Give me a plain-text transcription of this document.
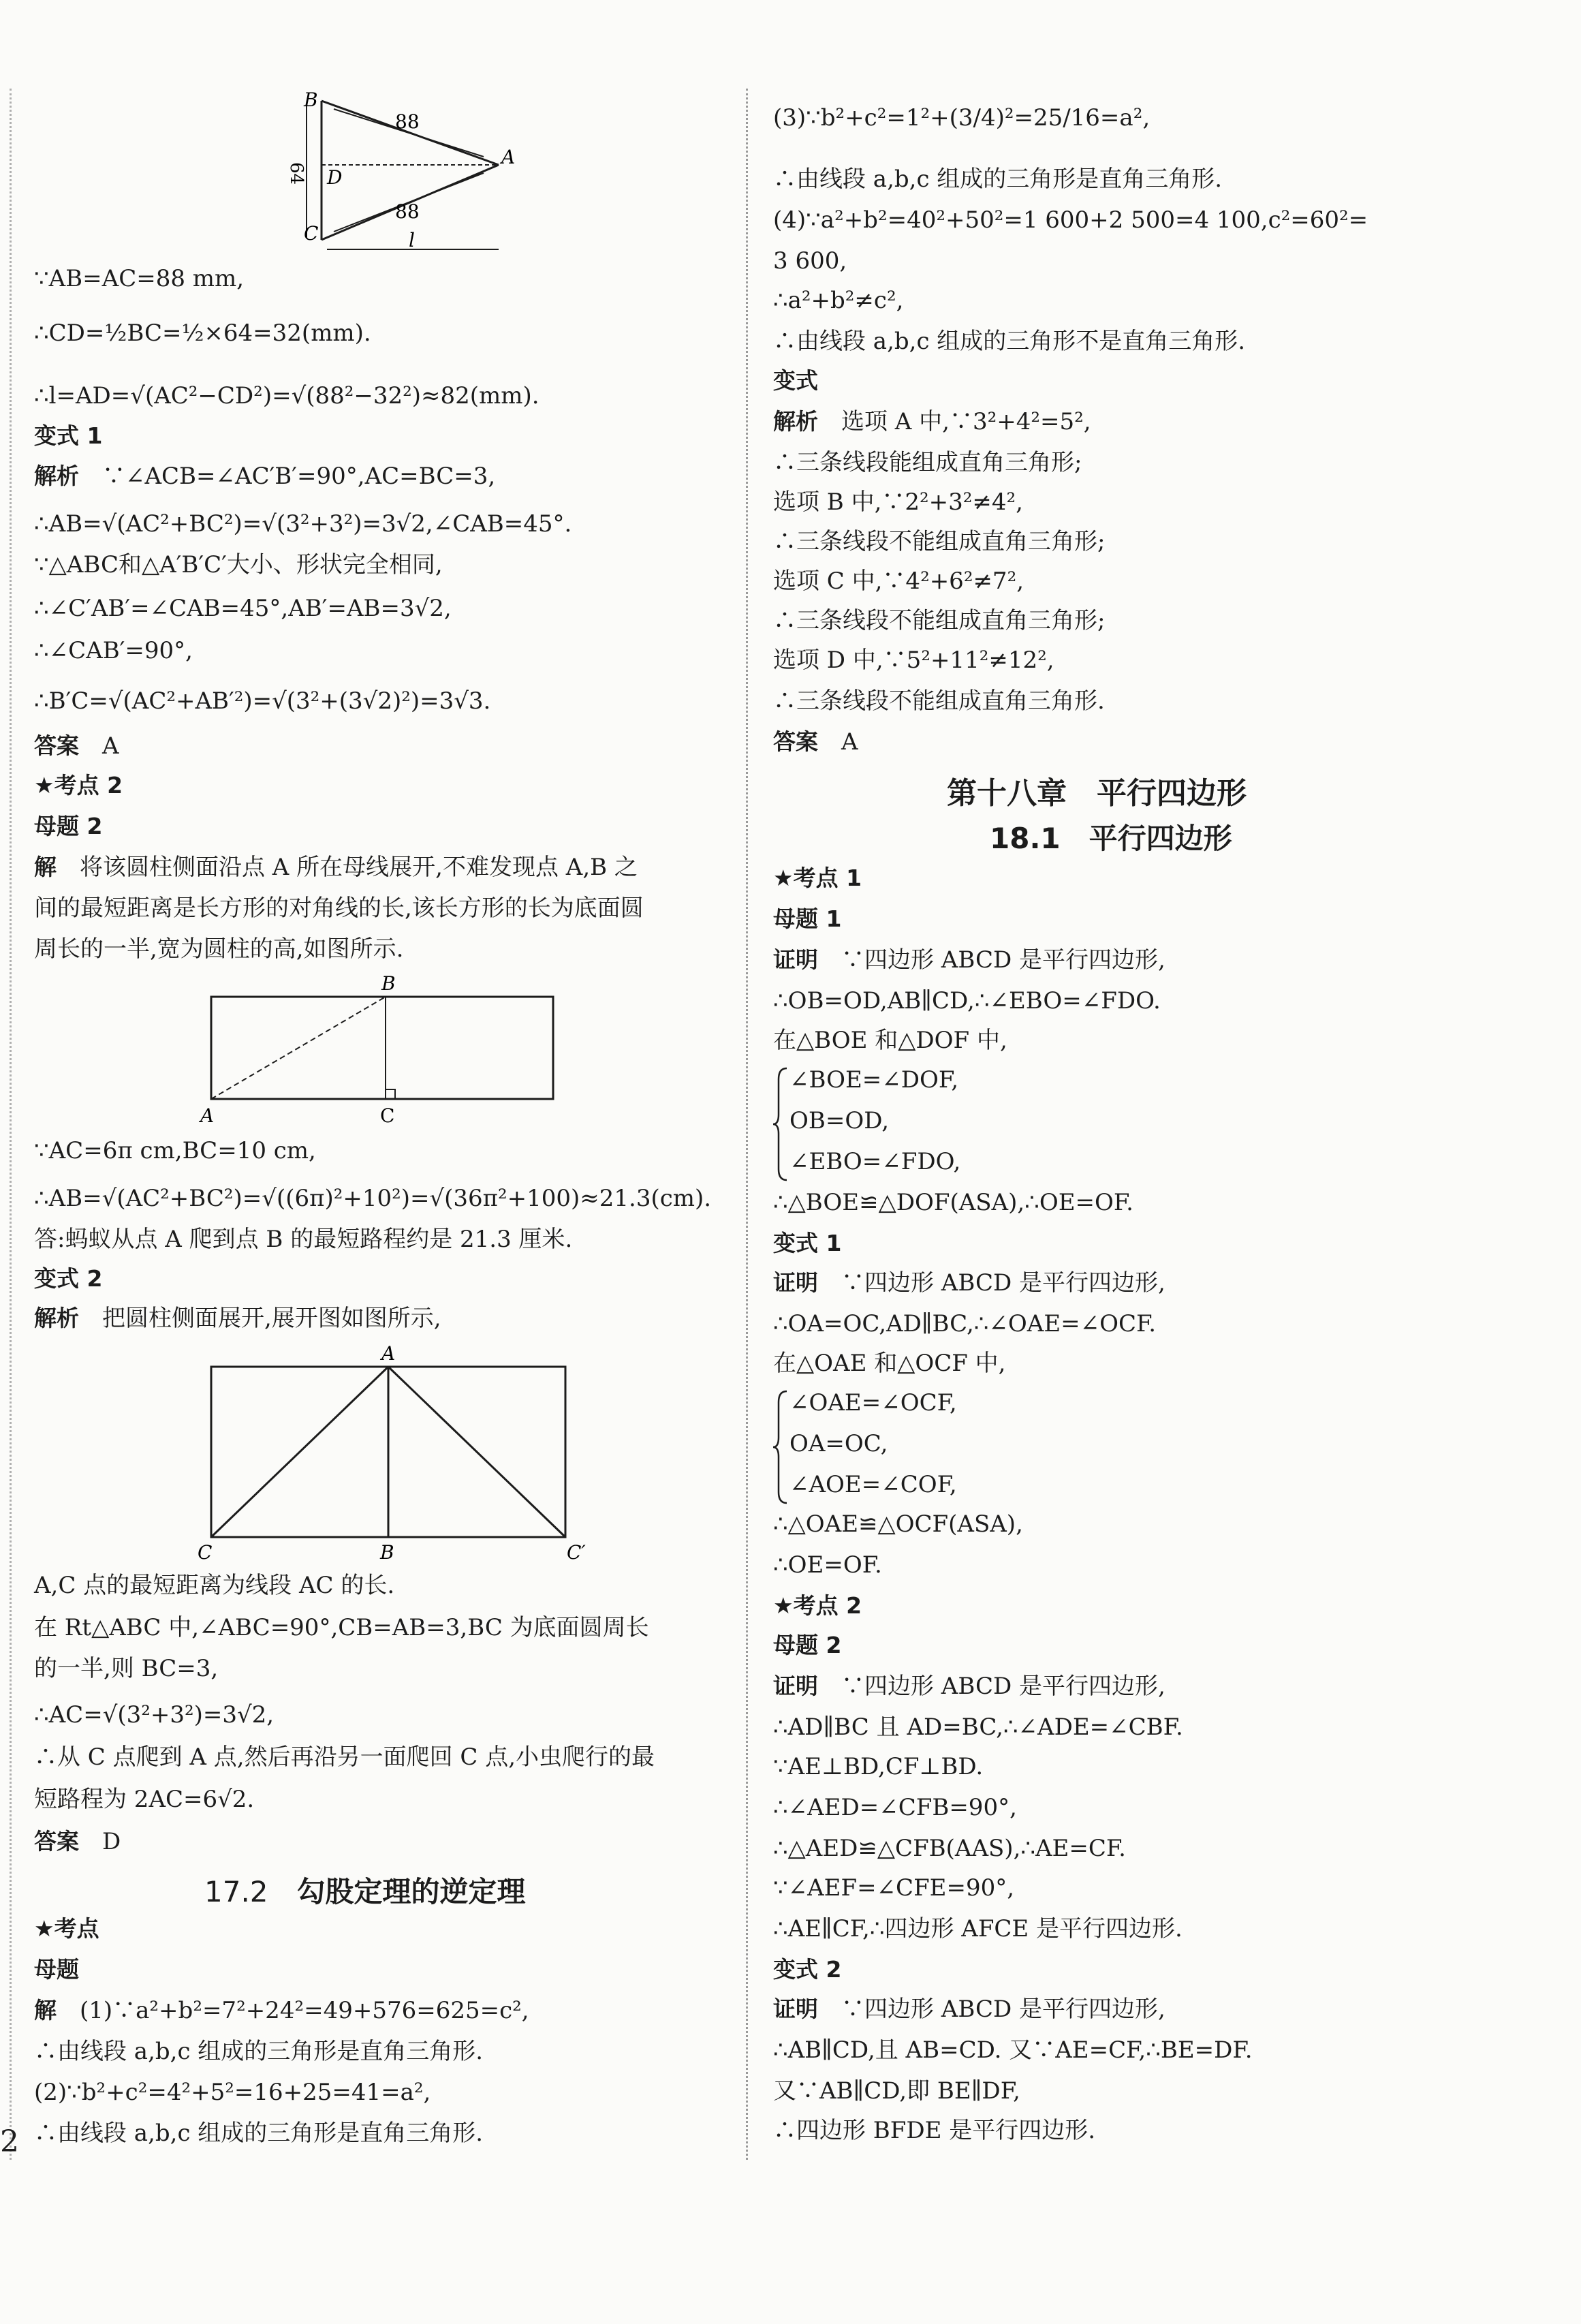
B
D
C
A
88
88
64
l
∵AB=AC=88 mm,
∴CD=½BC=½×64=32(mm).
∴l=AD=√(AC²−CD²)=√(88²−32²)≈82(mm).
变式 1
解析　 ∵∠ACB=∠AC′B′=90°,AC=BC=3,
∴AB=√(AC²+BC²)=√(3²+3²)=3√2,∠CAB=45°.
∵△ABC和△A′B′C′大小、形状完全相同,
∴∠C′AB′=∠CAB=45°,AB′=AB=3√2,
∴∠CAB′=90°,
∴B′C=√(AC²+AB′²)=√(3²+(3√2)²)=3√3.
答案　 A
★考点 2
母题 2
解　 将该圆柱侧面沿点 A 所在母线展开,不难发现点 A,B 之
间的最短距离是长方形的对角线的长,该长方形的长为底面圆
周长的一半,宽为圆柱的高,如图所示.
B
A	C
∵AC=6π cm,BC=10 cm,
∴AB=√(AC²+BC²)=√((6π)²+10²)=√(36π²+100)≈21.3(cm).
答:蚂蚁从点 A 爬到点 B 的最短路程约是 21.3 厘米.
变式 2
解析　 把圆柱侧面展开,展开图如图所示,
A
C	B	C′
A,C 点的最短距离为线段 AC 的长.
在 Rt△ABC 中,∠ABC=90°,CB=AB=3,BC 为底面圆周长
的一半,则 BC=3,
∴AC=√(3²+3²)=3√2,
∴从 C 点爬到 A 点,然后再沿另一面爬回 C 点,小虫爬行的最
短路程为 2AC=6√2.
答案　 D
17.2　 勾股定理的逆定理
★考点
母题
解　 (1)∵a²+b²=7²+24²=49+576=625=c²,
∴由线段 a,b,c 组成的三角形是直角三角形.
(2)∵b²+c²=4²+5²=16+25=41=a²,
∴由线段 a,b,c 组成的三角形是直角三角形.
2
(3)∵b²+c²=1²+(3/4)²=25/16=a²,
∴由线段 a,b,c 组成的三角形是直角三角形.
(4)∵a²+b²=40²+50²=1 600+2 500=4 100,c²=60²=
3 600,
∴a²+b²≠c²,
∴由线段 a,b,c 组成的三角形不是直角三角形.
变式
解析　 选项 A 中,∵3²+4²=5²,
∴三条线段能组成直角三角形;
选项 B 中,∵2²+3²≠4²,
∴三条线段不能组成直角三角形;
选项 C 中,∵4²+6²≠7²,
∴三条线段不能组成直角三角形;
选项 D 中,∵5²+11²≠12²,
∴三条线段不能组成直角三角形.
答案　 A
第十八章　平行四边形
18.1　平行四边形
★考点 1
母题 1
证明　 ∵四边形 ABCD 是平行四边形,
∴OB=OD,AB∥CD,∴∠EBO=∠FDO.
在△BOE 和△DOF 中,
∠BOE=∠DOF,
OB=OD,
∠EBO=∠FDO,
∴△BOE≌△DOF(ASA),∴OE=OF.
变式 1
证明　 ∵四边形 ABCD 是平行四边形,
∴OA=OC,AD∥BC,∴∠OAE=∠OCF.
在△OAE 和△OCF 中,
∠OAE=∠OCF,
OA=OC,
∠AOE=∠COF,
∴△OAE≌△OCF(ASA),
∴OE=OF.
★考点 2
母题 2
证明　 ∵四边形 ABCD 是平行四边形,
∴AD∥BC 且 AD=BC,∴∠ADE=∠CBF.
∵AE⊥BD,CF⊥BD.
∴∠AED=∠CFB=90°,
∴△AED≌△CFB(AAS),∴AE=CF.
∵∠AEF=∠CFE=90°,
∴AE∥CF,∴四边形 AFCE 是平行四边形.
变式 2
证明　 ∵四边形 ABCD 是平行四边形,
∴AB∥CD,且 AB=CD. 又∵AE=CF,∴BE=DF.
又∵AB∥CD,即 BE∥DF,
∴四边形 BFDE 是平行四边形.
